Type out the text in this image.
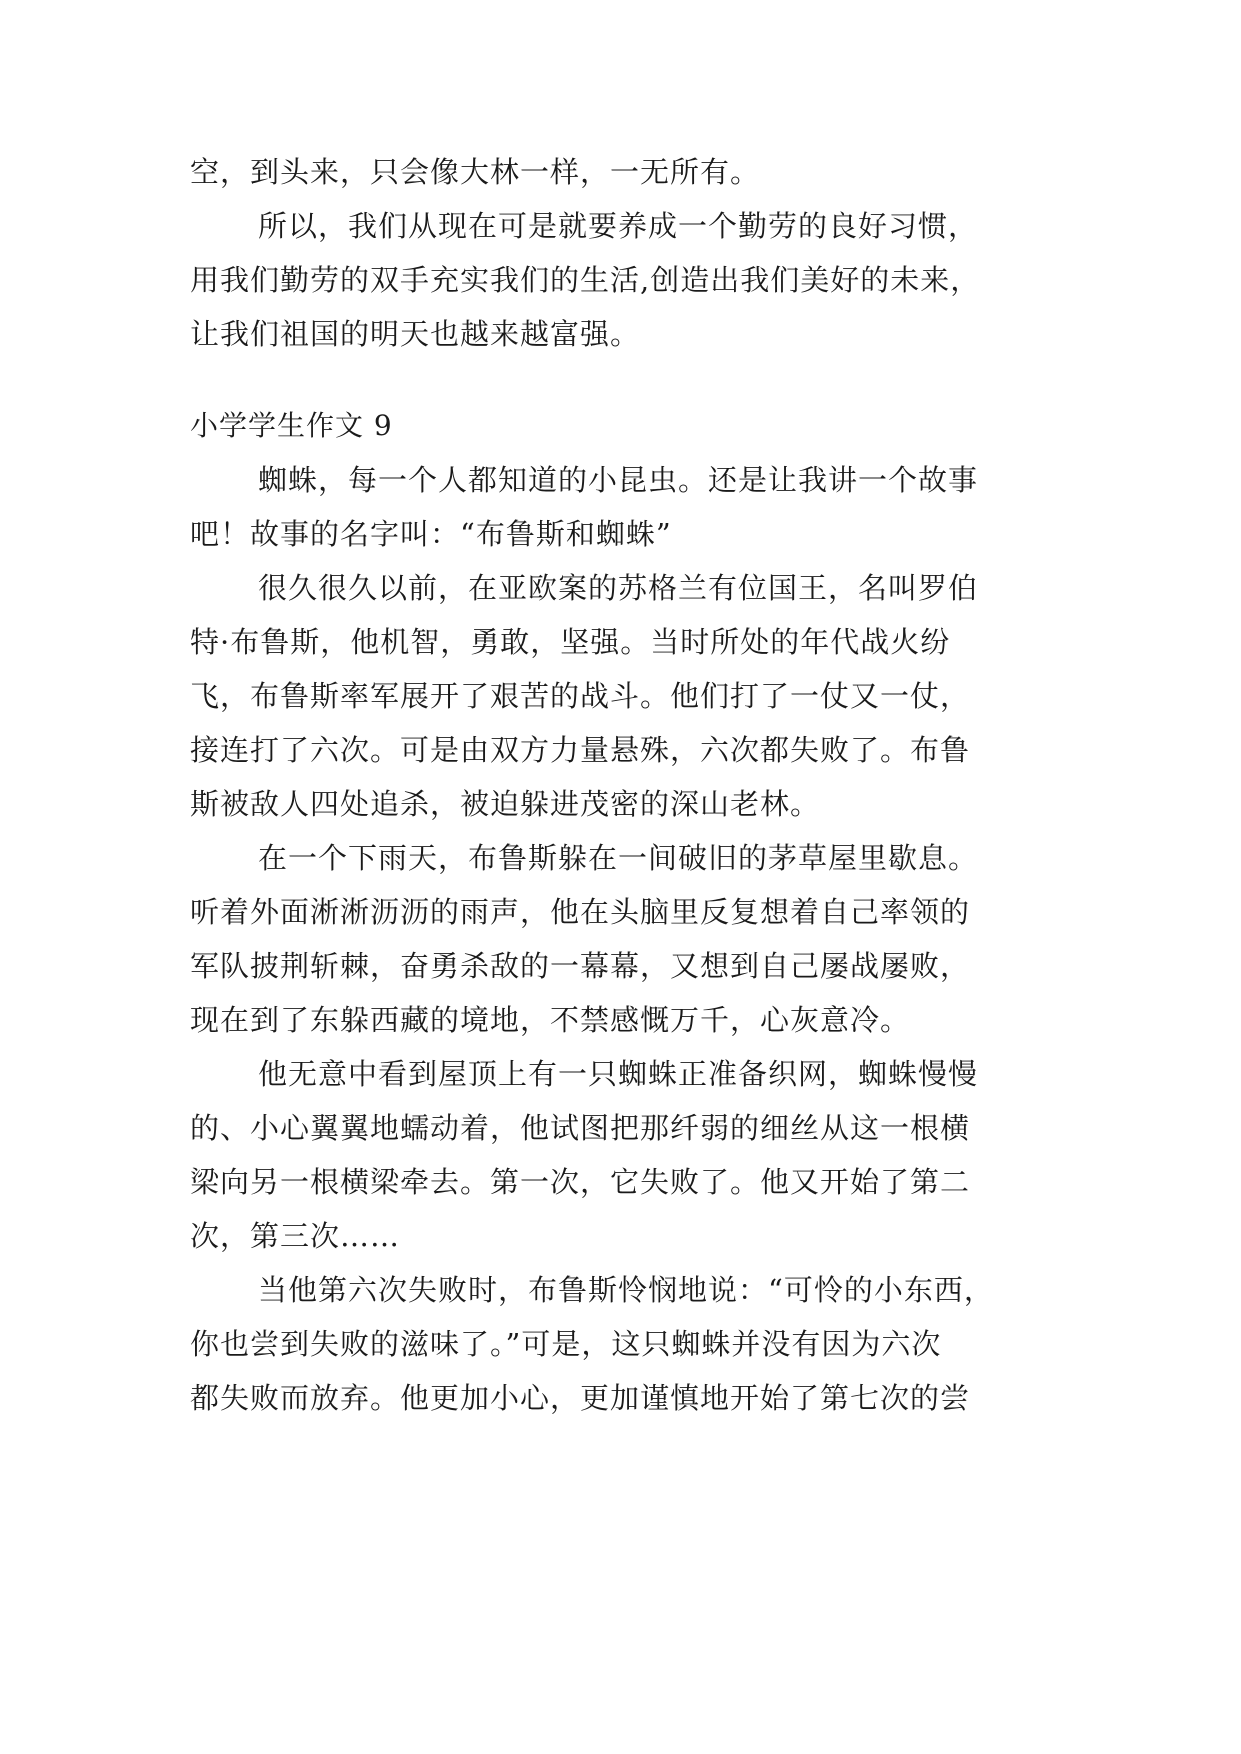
空，到头来，只会像大林一样，一无所有。
所以，我们从现在可是就要养成一个勤劳的良好习惯，
用我们勤劳的双手充实我们的生活,创造出我们美好的未来，
让我们祖国的明天也越来越富强。
小学学生作文 9
蜘蛛，每一个人都知道的小昆虫。还是让我讲一个故事
吧！故事的名字叫：“布鲁斯和蜘蛛”
很久很久以前，在亚欧案的苏格兰有位国王，名叫罗伯
特·布鲁斯，他机智，勇敢，坚强。当时所处的年代战火纷
飞，布鲁斯率军展开了艰苦的战斗。他们打了一仗又一仗，
接连打了六次。可是由双方力量悬殊，六次都失败了。布鲁
斯被敌人四处追杀，被迫躲进茂密的深山老林。
在一个下雨天，布鲁斯躲在一间破旧的茅草屋里歇息。
听着外面淅淅沥沥的雨声，他在头脑里反复想着自己率领的
军队披荆斩棘，奋勇杀敌的一幕幕，又想到自己屡战屡败，
现在到了东躲西藏的境地，不禁感慨万千，心灰意冷。
他无意中看到屋顶上有一只蜘蛛正准备织网，蜘蛛慢慢
的、小心翼翼地蠕动着，他试图把那纤弱的细丝从这一根横
梁向另一根横梁牵去。第一次，它失败了。他又开始了第二
次，第三次……
当他第六次失败时，布鲁斯怜悯地说：“可怜的小东西，
你也尝到失败的滋味了。”可是，这只蜘蛛并没有因为六次
都失败而放弃。他更加小心，更加谨慎地开始了第七次的尝
